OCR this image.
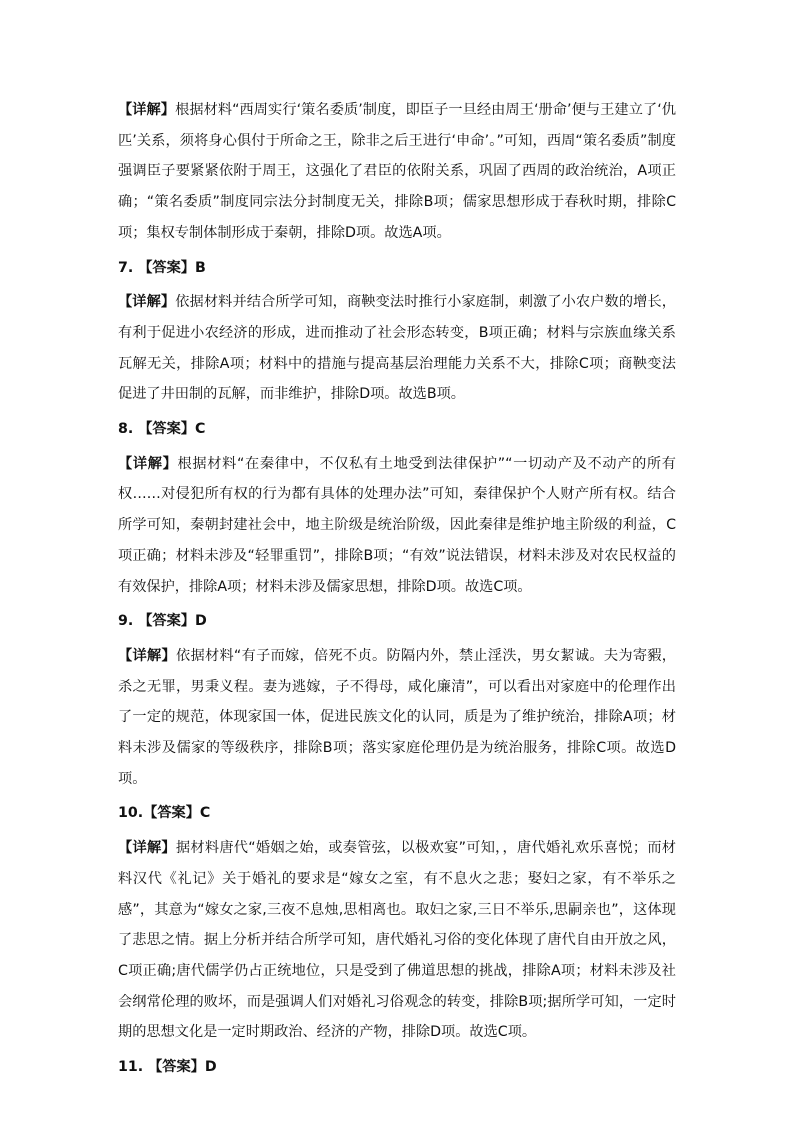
【详解】根据材料“西周实行‘策名委质’制度，即臣子一旦经由周王‘册命’便与王建立了‘仇匹’关系，须将身心俱付于所命之王，除非之后王进行‘申命’。”可知，西周“策名委质”制度强调臣子要紧紧依附于周王，这强化了君臣的依附关系，巩固了西周的政治统治，A项正确；“策名委质”制度同宗法分封制度无关，排除B项；儒家思想形成于春秋时期，排除C项；集权专制体制形成于秦朝，排除D项。故选A项。

7. 【答案】B

【详解】依据材料并结合所学可知，商鞅变法时推行小家庭制，刺激了小农户数的增长，有利于促进小农经济的形成，进而推动了社会形态转变，B项正确；材料与宗族血缘关系瓦解无关，排除A项；材料中的措施与提高基层治理能力关系不大，排除C项；商鞅变法促进了井田制的瓦解，而非维护，排除D项。故选B项。

8. 【答案】C

【详解】根据材料“在秦律中，不仅私有土地受到法律保护”“一切动产及不动产的所有权……对侵犯所有权的行为都有具体的处理办法”可知，秦律保护个人财产所有权。结合所学可知，秦朝封建社会中，地主阶级是统治阶级，因此秦律是维护地主阶级的利益，C项正确；材料未涉及“轻罪重罚”，排除B项；“有效”说法错误，材料未涉及对农民权益的有效保护，排除A项；材料未涉及儒家思想，排除D项。故选C项。

9. 【答案】D

【详解】依据材料“有子而嫁，倍死不贞。防隔内外，禁止淫泆，男女絜诚。夫为寄豭，杀之无罪，男秉义程。妻为逃嫁，子不得母，咸化廉清”，可以看出对家庭中的伦理作出了一定的规范，体现家国一体，促进民族文化的认同，质是为了维护统治，排除A项；材料未涉及儒家的等级秩序，排除B项；落实家庭伦理仍是为统治服务，排除C项。故选D项。

10.【答案】C

【详解】据材料唐代“婚姻之始，或奏管弦，以极欢宴”可知，，唐代婚礼欢乐喜悦；而材料汉代《礼记》关于婚礼的要求是“嫁女之室，有不息火之悲；娶妇之家，有不举乐之感”，其意为“嫁女之家,三夜不息烛,思相离也。取妇之家,三日不举乐,思嗣亲也”，这体现了悲思之情。据上分析并结合所学可知，唐代婚礼习俗的变化体现了唐代自由开放之风，C项正确;唐代儒学仍占正统地位，只是受到了佛道思想的挑战，排除A项；材料未涉及社会纲常伦理的败坏，而是强调人们对婚礼习俗观念的转变，排除B项;据所学可知，一定时期的思想文化是一定时期政治、经济的产物，排除D项。故选C项。

11. 【答案】D
